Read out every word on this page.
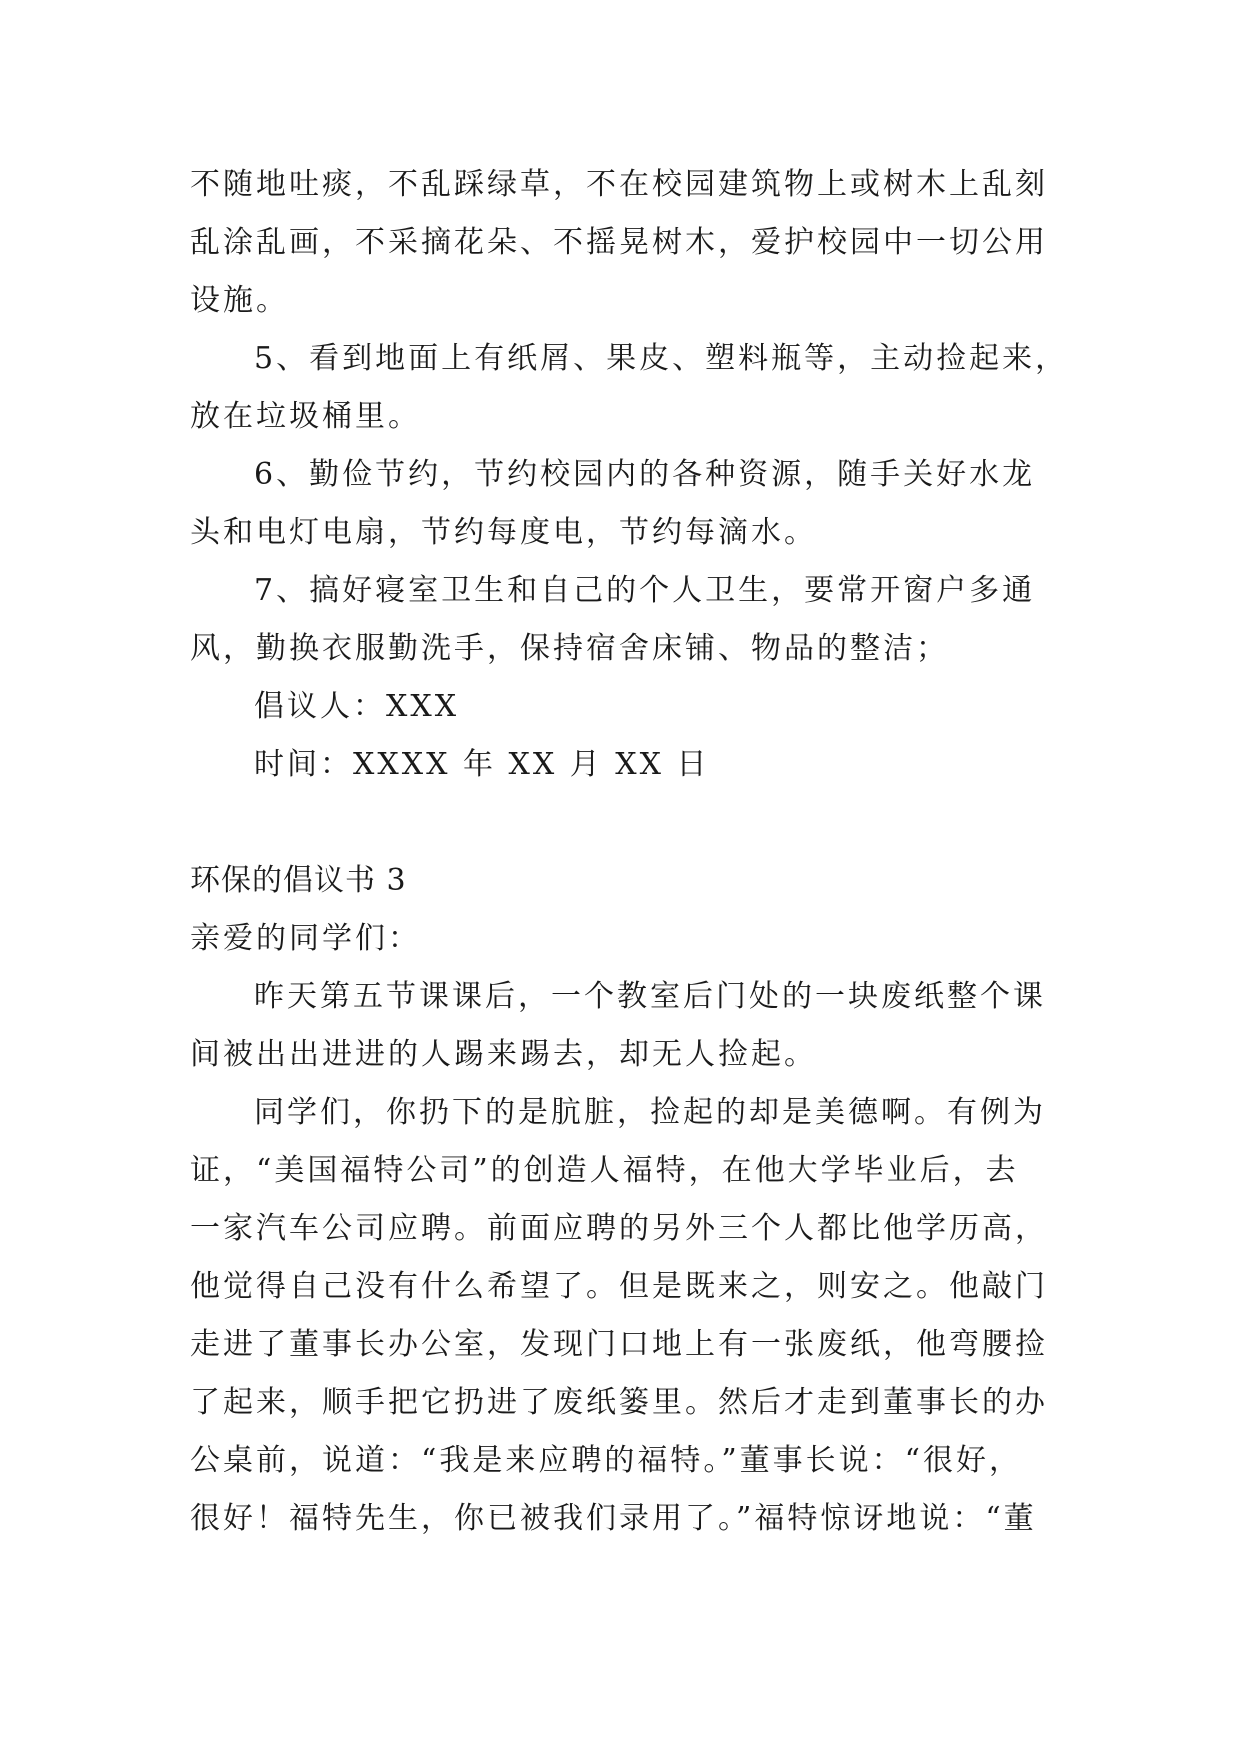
不随地吐痰，不乱踩绿草，不在校园建筑物上或树木上乱刻
乱涂乱画，不采摘花朵、不摇晃树木，爱护校园中一切公用
设施。
5、看到地面上有纸屑、果皮、塑料瓶等，主动捡起来，
放在垃圾桶里。
6、勤俭节约，节约校园内的各种资源，随手关好水龙
头和电灯电扇，节约每度电，节约每滴水。
7、搞好寝室卫生和自己的个人卫生，要常开窗户多通
风，勤换衣服勤洗手，保持宿舍床铺、物品的整洁；
倡议人：XXX
时间：XXXX 年 XX 月 XX 日
环保的倡议书 3
亲爱的同学们：
昨天第五节课课后，一个教室后门处的一块废纸整个课
间被出出进进的人踢来踢去，却无人捡起。
同学们，你扔下的是肮脏，捡起的却是美德啊。有例为
证，“美国福特公司”的创造人福特，在他大学毕业后，去
一家汽车公司应聘。前面应聘的另外三个人都比他学历高，
他觉得自己没有什么希望了。但是既来之，则安之。他敲门
走进了董事长办公室，发现门口地上有一张废纸，他弯腰捡
了起来，顺手把它扔进了废纸篓里。然后才走到董事长的办
公桌前，说道：“我是来应聘的福特。”董事长说：“很好，
很好！福特先生，你已被我们录用了。”福特惊讶地说：“董
